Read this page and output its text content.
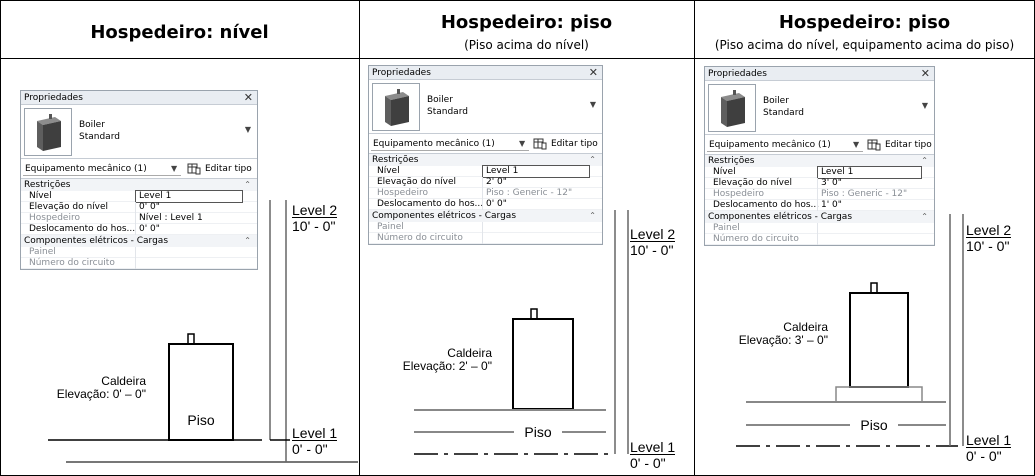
Hospedeiro: nível	Hospedeiro: piso
(Piso acima do nível)
Hospedeiro: piso
(Piso acima do nível, equipamento acima do piso)
Propriedades	✕
Boiler
Standard
▼
Equipamento mecânico (1)	▼	Editar tipo
Restrições	⌃
Nível	Level 1
Elevação do nível	0' 0"
Hospedeiro	Nível : Level 1
Deslocamento do hos... 0' 0"
Componentes elétricos - Cargas	⌃
Painel
Número do circuito
Propriedades	✕
Boiler
Standard
▼
Equipamento mecânico (1)	▼	Editar tipo
Restrições	⌃
Nível	Level 1
Elevação do nível	2' 0"
Hospedeiro	Piso : Generic - 12"
Deslocamento do hos... 0' 0"
Componentes elétricos - Cargas	⌃
Painel
Número do circuito
Propriedades	✕
Boiler
Standard
▼
Equipamento mecânico (1)	▼	Editar tipo
Restrições	⌃
Nível	Level 1
Elevação do nível	3' 0"
Hospedeiro	Piso : Generic - 12"
Deslocamento do hos... 1' 0"
Componentes elétricos - Cargas	⌃
Painel
Número do circuito
Caldeira
Elevação: 0' – 0"
Piso
Level 2
10' - 0"
Level 1
0' - 0"
Caldeira
Elevação: 2' – 0"
Piso
Level 2
10' - 0"
Level 1
0' - 0"
Caldeira
Elevação: 3' – 0"
Piso
Level 2
10' - 0"
Level 1
0' - 0"
